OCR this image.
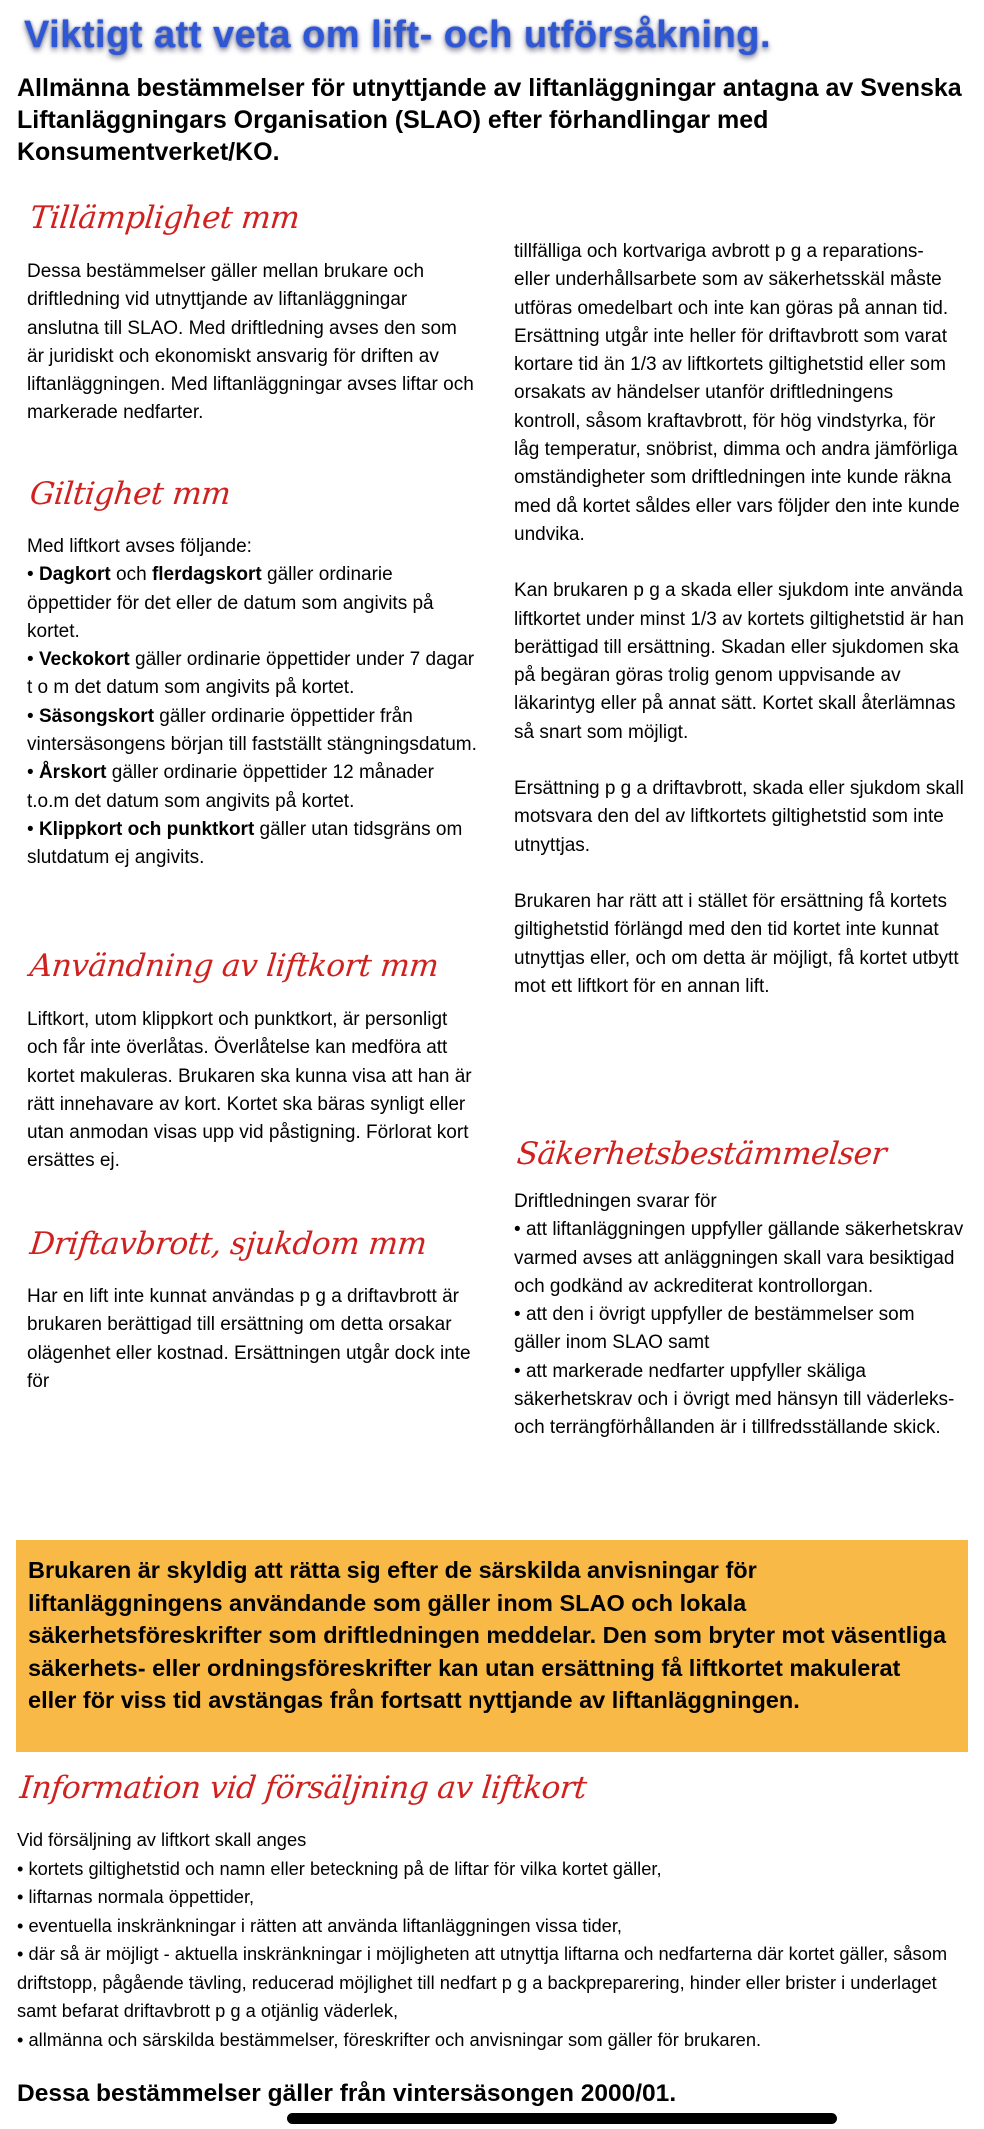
Viktigt att veta om lift- och utförsåkning.
Allmänna bestämmelser för utnyttjande av liftanläggningar antagna av Svenska Liftanläggningars Organisation (SLAO) efter förhandlingar med Konsumentverket/KO.
Tillämplighet mm
Dessa bestämmelser gäller mellan brukare och driftledning vid utnyttjande av liftanläggningar anslutna till SLAO. Med driftledning avses den som är juridiskt och ekonomiskt ansvarig för driften av liftanläggningen. Med liftanläggningar avses liftar och markerade nedfarter.
Giltighet mm
Med liftkort avses följande:
• Dagkort och flerdagskort gäller ordinarie öppettider för det eller de datum som angivits på kortet.
• Veckokort gäller ordinarie öppettider under 7 dagar t o m det datum som angivits på kortet.
• Säsongskort gäller ordinarie öppettider från vintersäsongens början till fastställt stängningsdatum.
• Årskort gäller ordinarie öppettider 12 månader t.o.m det datum som angivits på kortet.
• Klippkort och punktkort gäller utan tidsgräns om slutdatum ej angivits.
Användning av liftkort mm
Liftkort, utom klippkort och punktkort, är personligt och får inte överlåtas. Överlåtelse kan medföra att kortet makuleras. Brukaren ska kunna visa att han är rätt innehavare av kort. Kortet ska bäras synligt eller utan anmodan visas upp vid påstigning. Förlorat kort ersättes ej.
Driftavbrott, sjukdom mm
Har en lift inte kunnat användas p g a driftavbrott är brukaren berättigad till ersättning om detta orsakar olägenhet eller kostnad. Ersättningen utgår dock inte för
tillfälliga och kortvariga avbrott p g a reparations- eller underhållsarbete som av säkerhetsskäl måste utföras omedelbart och inte kan göras på annan tid. Ersättning utgår inte heller för driftavbrott som varat kortare tid än 1/3 av liftkortets giltighetstid eller som orsakats av händelser utanför driftledningens kontroll, såsom kraftavbrott, för hög vindstyrka, för låg temperatur, snöbrist, dimma och andra jämförliga omständigheter som driftledningen inte kunde räkna med då kortet såldes eller vars följder den inte kunde undvika.
Kan brukaren p g a skada eller sjukdom inte använda liftkortet under minst 1/3 av kortets giltighetstid är han berättigad till ersättning. Skadan eller sjukdomen ska på begäran göras trolig genom uppvisande av läkarintyg eller på annat sätt. Kortet skall återlämnas så snart som möjligt.
Ersättning p g a driftavbrott, skada eller sjukdom skall motsvara den del av liftkortets giltighetstid som inte utnyttjas.
Brukaren har rätt att i stället för ersättning få kortets giltighetstid förlängd med den tid kortet inte kunnat utnyttjas eller, och om detta är möjligt, få kortet utbytt mot ett liftkort för en annan lift.
Säkerhetsbestämmelser
Driftledningen svarar för
• att liftanläggningen uppfyller gällande säkerhetskrav varmed avses att anläggningen skall vara besiktigad och godkänd av ackrediterat kontrollorgan.
• att den i övrigt uppfyller de bestämmelser som gäller inom SLAO samt
• att markerade nedfarter uppfyller skäliga säkerhetskrav och i övrigt med hänsyn till väderleks- och terrängförhållanden är i tillfredsställande skick.
Brukaren är skyldig att rätta sig efter de särskilda anvisningar för liftanläggningens användande som gäller inom SLAO och lokala säkerhetsföreskrifter som driftledningen meddelar. Den som bryter mot väsentliga säkerhets- eller ordningsföreskrifter kan utan ersättning få liftkortet makulerat eller för viss tid avstängas från fortsatt nyttjande av liftanläggningen.
Information vid försäljning av liftkort
Vid försäljning av liftkort skall anges
• kortets giltighetstid och namn eller beteckning på de liftar för vilka kortet gäller,
• liftarnas normala öppettider,
• eventuella inskränkningar i rätten att använda liftanläggningen vissa tider,
• där så är möjligt - aktuella inskränkningar i möjligheten att utnyttja liftarna och nedfarterna där kortet gäller, såsom driftstopp, pågående tävling, reducerad möjlighet till nedfart p g a backpreparering, hinder eller brister i underlaget samt befarat driftavbrott p g a otjänlig väderlek,
• allmänna och särskilda bestämmelser, föreskrifter och anvisningar som gäller för brukaren.
Dessa bestämmelser gäller från vintersäsongen 2000/01.
